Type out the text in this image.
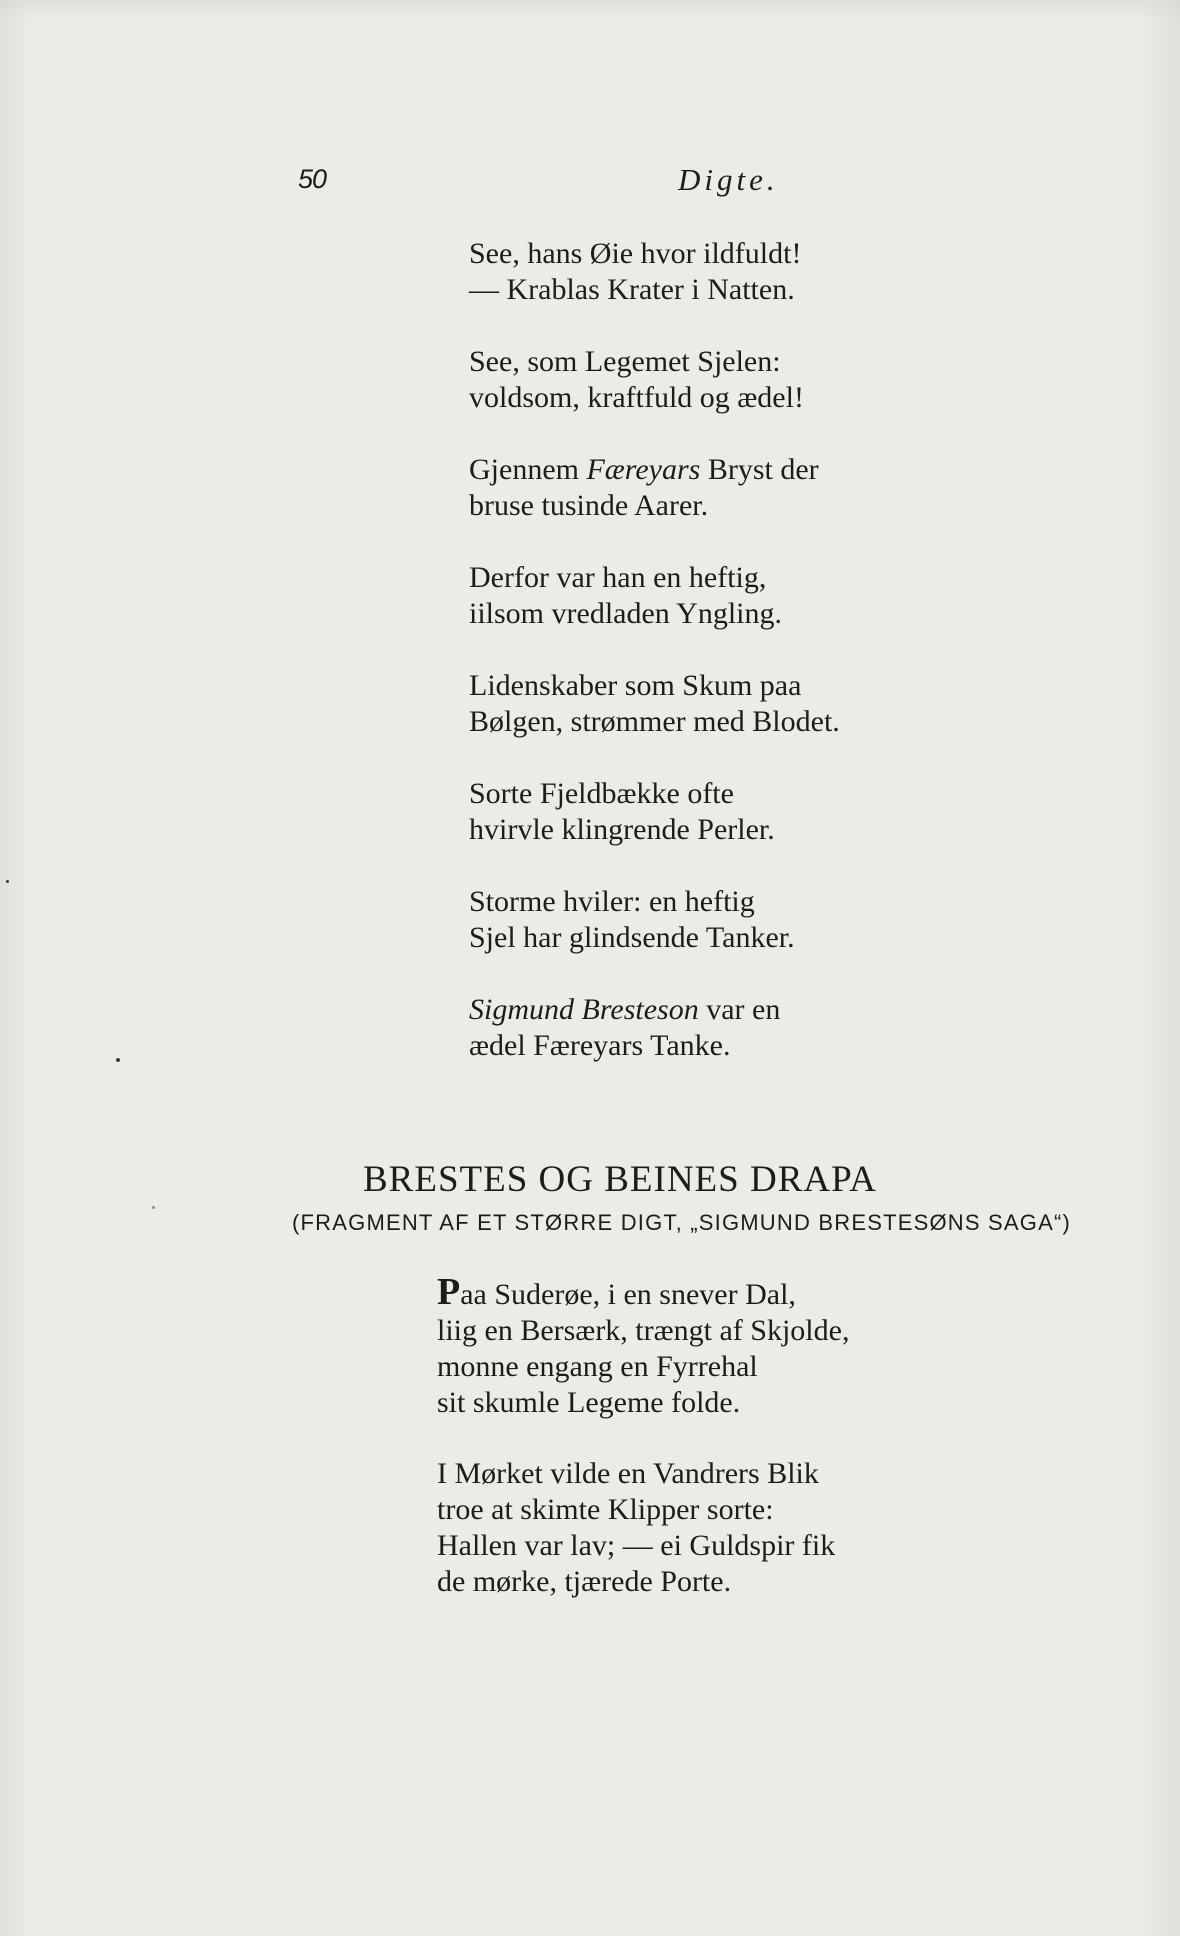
50	Digte.
See, hans Øie hvor ildfuldt!
— Krablas Krater i Natten.
See, som Legemet Sjelen:
voldsom, kraftfuld og ædel!
Gjennem Færeyars Bryst der
bruse tusinde Aarer.
Derfor var han en heftig,
iilsom vredladen Yngling.
Lidenskaber som Skum paa
Bølgen, strømmer med Blodet.
Sorte Fjeldbække ofte
hvirvle klingrende Perler.
Storme hviler: en heftig
Sjel har glindsende Tanker.
Sigmund Bresteson var en
ædel Færeyars Tanke.
BRESTES OG BEINES DRAPA
(FRAGMENT AF ET STØRRE DIGT, „SIGMUND BRESTESØNS SAGA“)
Paa Suderøe, i en snever Dal,
liig en Bersærk, trængt af Skjolde,
monne engang en Fyrrehal
sit skumle Legeme folde.
I Mørket vilde en Vandrers Blik
troe at skimte Klipper sorte:
Hallen var lav; — ei Guldspir fik
de mørke, tjærede Porte.
